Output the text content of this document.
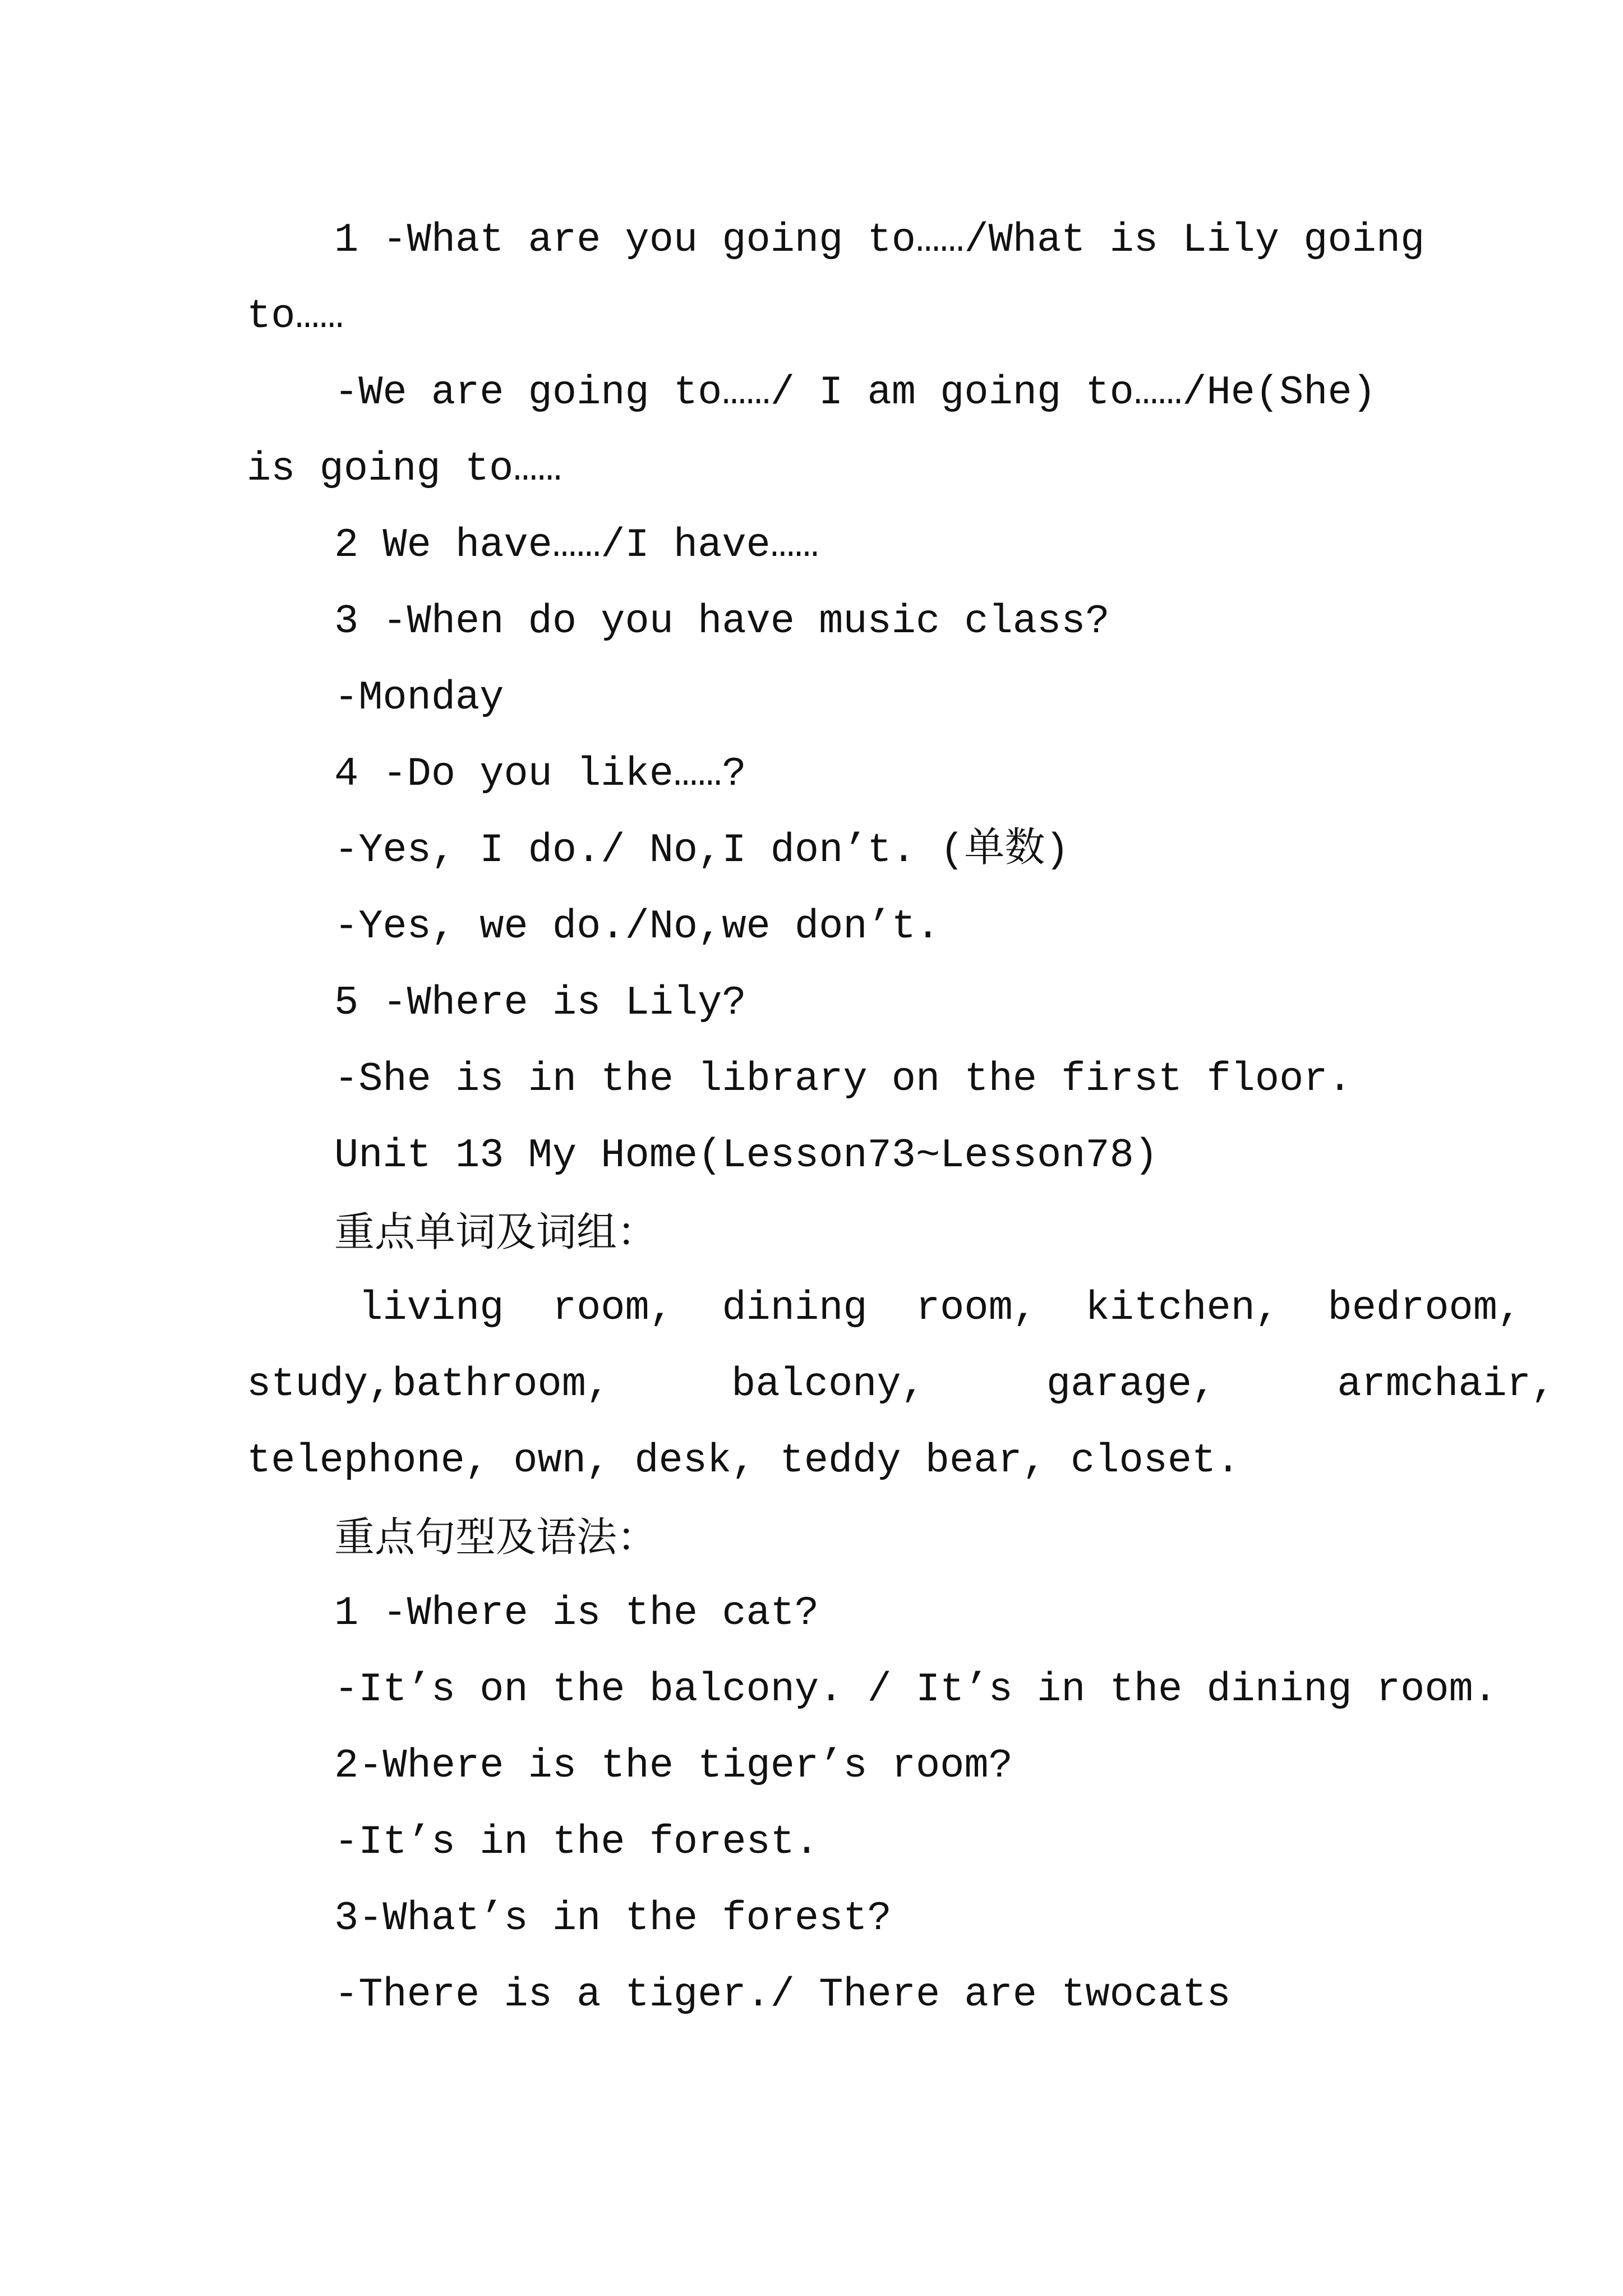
1 -What are you going to……/What is Lily going
to……
-We are going to……/ I am going to……/He(She)
is going to……
2 We have……/I have……
3 -When do you have music class?
-Monday
4 -Do you like……?
-Yes, I do./ No,I don’t. (单数)
-Yes, we do./No,we don’t.
5 -Where is Lily?
-She is in the library on the first floor.
Unit 13 My Home(Lesson73~Lesson78)
重点单词及词组：
living  room,  dining  room,  kitchen,  bedroom,
study,bathroom,     balcony,     garage,     armchair,
telephone, own, desk, teddy bear, closet.
重点句型及语法：
1 -Where is the cat?
-It’s on the balcony. / It’s in the dining room.
2-Where is the tiger’s room?
-It’s in the forest.
3-What’s in the forest?
-There is a tiger./ There are twocats
